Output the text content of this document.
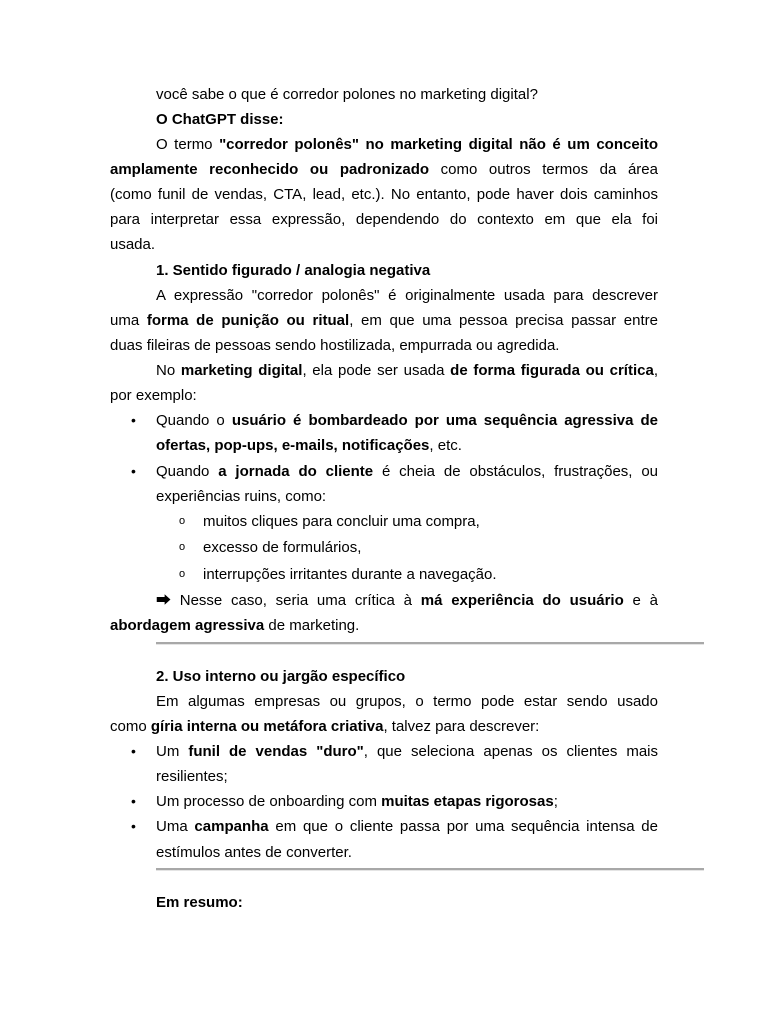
você sabe o que é corredor polones no marketing digital?
O ChatGPT disse:
O termo "corredor polonês" no marketing digital não é um conceito
amplamente reconhecido ou padronizado como outros termos da área
(como funil de vendas, CTA, lead, etc.). No entanto, pode haver dois caminhos
para interpretar essa expressão, dependendo do contexto em que ela foi
usada.
1. Sentido figurado / analogia negativa
A expressão "corredor polonês" é originalmente usada para descrever
uma forma de punição ou ritual, em que uma pessoa precisa passar entre
duas fileiras de pessoas sendo hostilizada, empurrada ou agredida.
No marketing digital, ela pode ser usada de forma figurada ou crítica,
por exemplo:
•	Quando o usuário é bombardeado por uma sequência agressiva de
ofertas, pop-ups, e-mails, notificações, etc.
•	Quando a jornada do cliente é cheia de obstáculos, frustrações, ou
experiências ruins, como:
o muitos cliques para concluir uma compra,
o excesso de formulários,
o interrupções irritantes durante a navegação.
⮕ Nesse caso, seria uma crítica à má experiência do usuário e à
abordagem agressiva de marketing.
2. Uso interno ou jargão específico
Em algumas empresas ou grupos, o termo pode estar sendo usado
como gíria interna ou metáfora criativa, talvez para descrever:
•	Um funil de vendas "duro", que seleciona apenas os clientes mais
resilientes;
•	Um processo de onboarding com muitas etapas rigorosas;
•	Uma campanha em que o cliente passa por uma sequência intensa de
estímulos antes de converter.
Em resumo:
